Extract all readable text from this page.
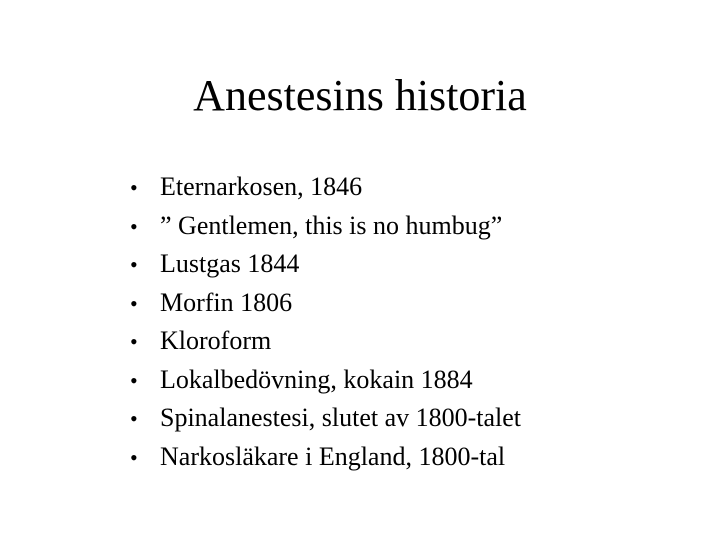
Anestesins historia
• Eternarkosen, 1846
• ” Gentlemen, this is no humbug”
• Lustgas 1844
• Morfin 1806
• Kloroform
• Lokalbedövning, kokain 1884
• Spinalanestesi, slutet av 1800-talet
• Narkosläkare i England, 1800-tal
